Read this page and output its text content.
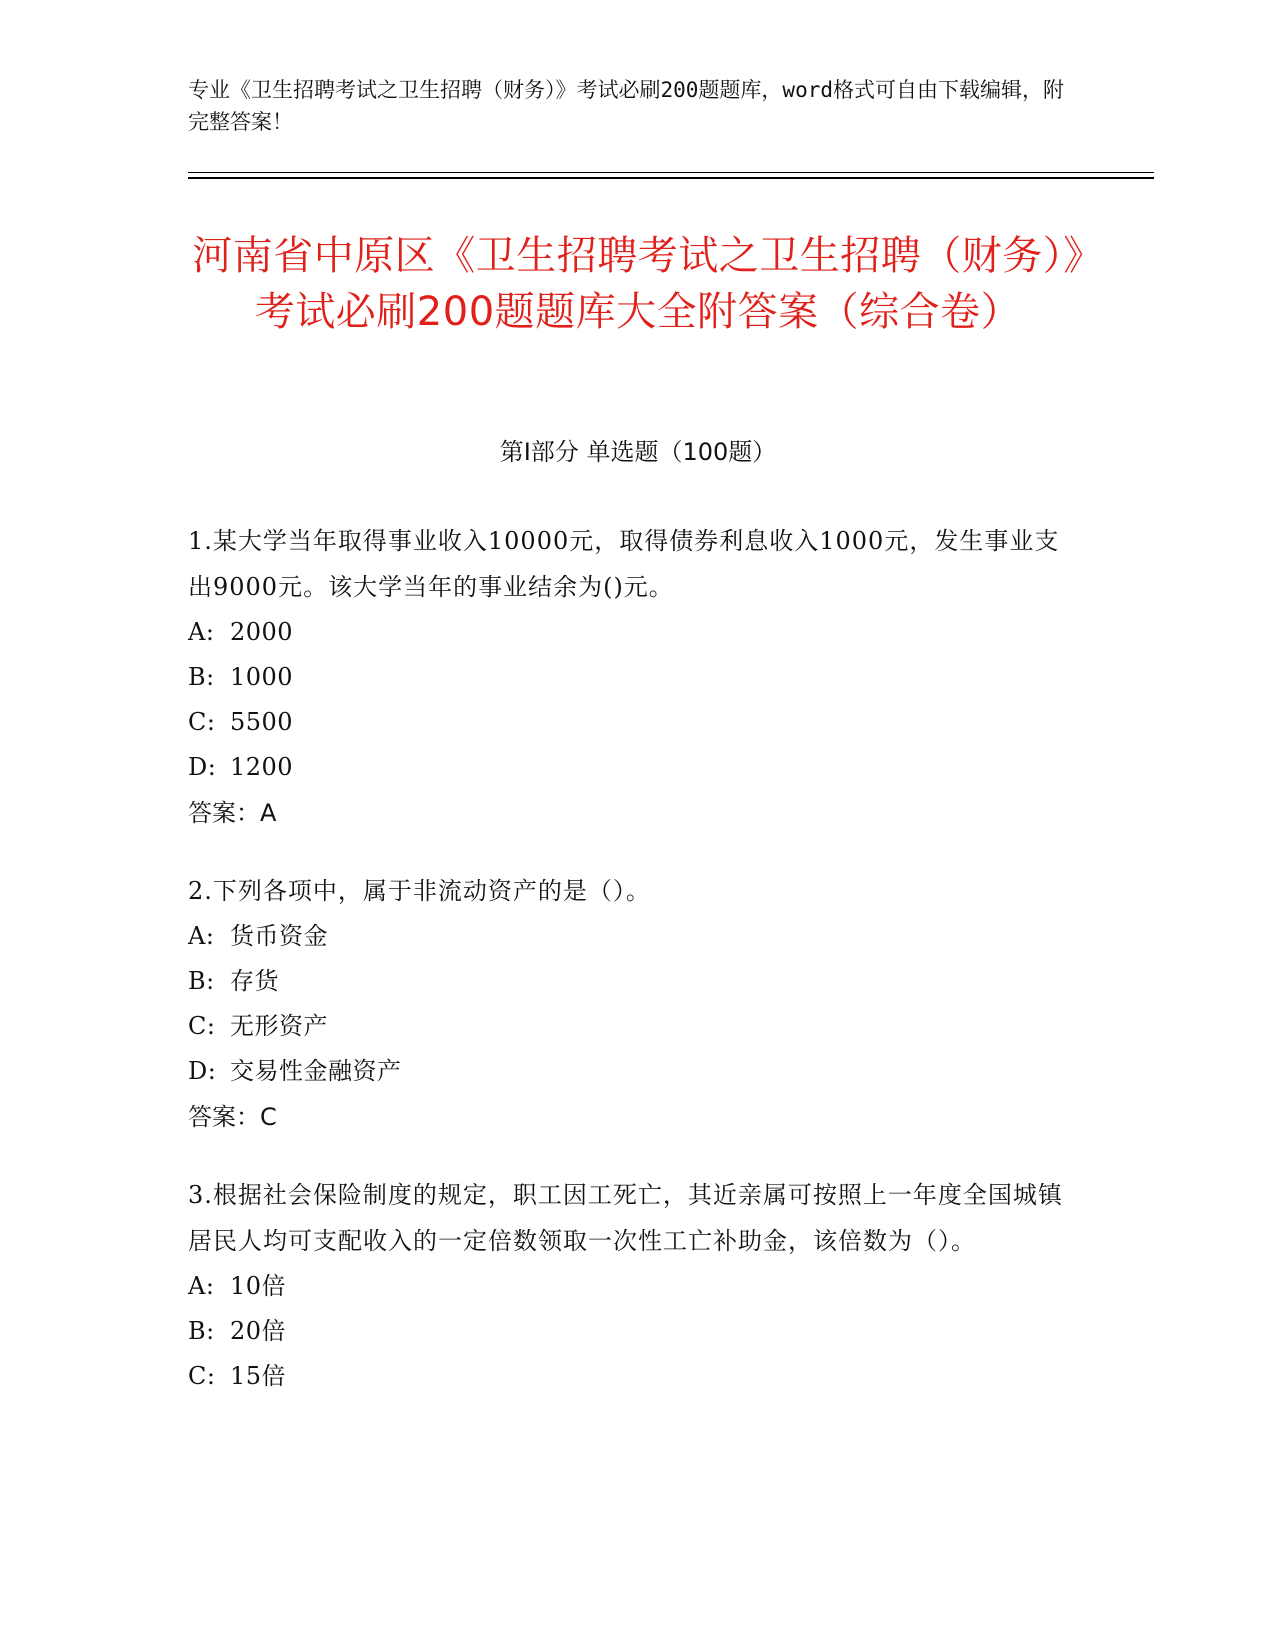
专业《卫生招聘考试之卫生招聘（财务）》考试必刷200题题库，word格式可自由下载编辑，附完整答案！
河南省中原区《卫生招聘考试之卫生招聘（财务）》考试必刷200题题库大全附答案（综合卷）
第I部分 单选题（100题）
1.某大学当年取得事业收入10000元，取得债券利息收入1000元，发生事业支出9000元。该大学当年的事业结余为()元。
A: 2000
B: 1000
C: 5500
D: 1200
答案：A
2.下列各项中，属于非流动资产的是（）。
A: 货币资金
B: 存货
C: 无形资产
D: 交易性金融资产
答案：C
3.根据社会保险制度的规定，职工因工死亡，其近亲属可按照上一年度全国城镇居民人均可支配收入的一定倍数领取一次性工亡补助金，该倍数为（）。
A: 10倍
B: 20倍
C: 15倍
